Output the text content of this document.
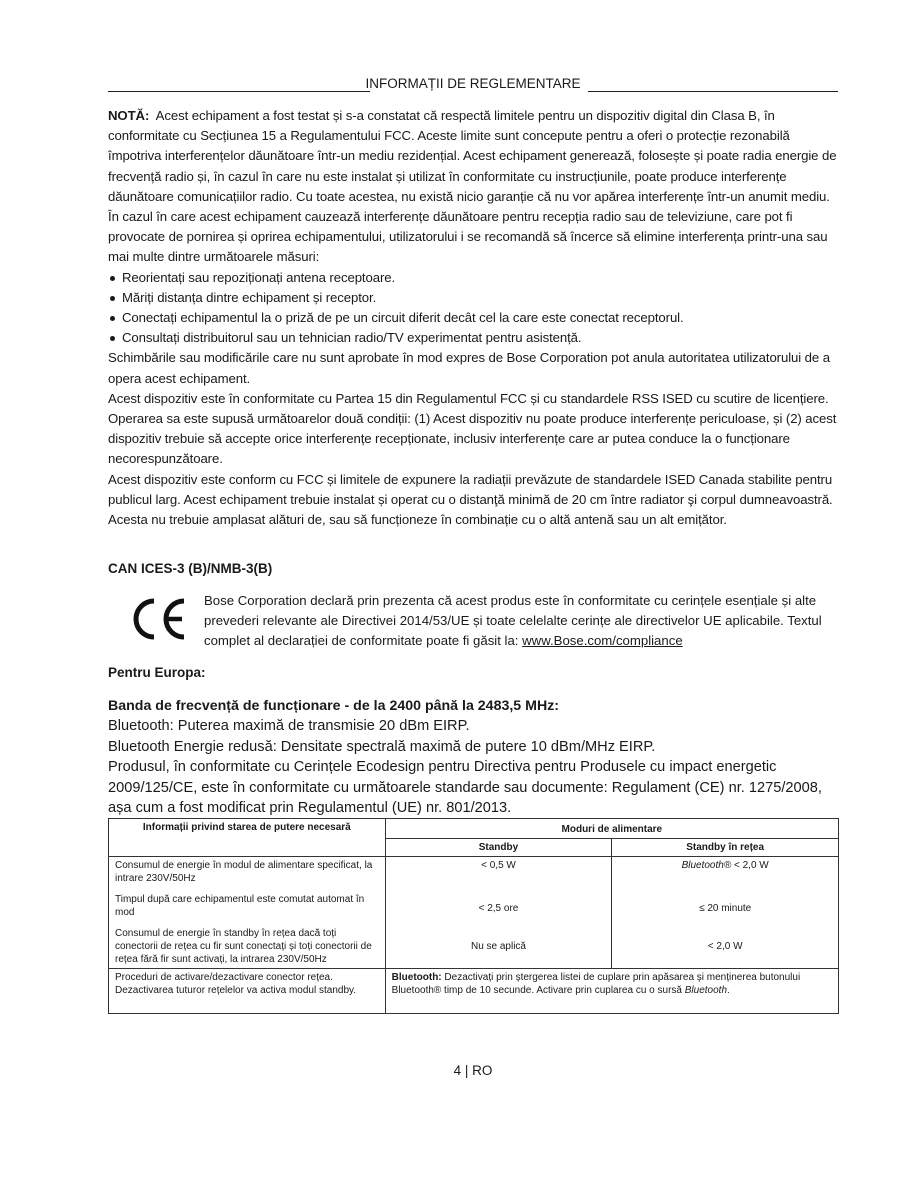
INFORMAȚII DE REGLEMENTARE

NOTĂ: Acest echipament a fost testat și s-a constatat că respectă limitele pentru un dispozitiv digital din Clasa B, în conformitate cu Secțiunea 15 a Regulamentului FCC. Aceste limite sunt concepute pentru a oferi o protecție rezonabilă împotriva interferențelor dăunătoare într-un mediu rezidențial. Acest echipament generează, folosește și poate radia energie de frecvență radio și, în cazul în care nu este instalat și utilizat în conformitate cu instrucțiunile, poate produce interferențe dăunătoare comunicațiilor radio. Cu toate acestea, nu există nicio garanție că nu vor apărea interferențe într-un anumit mediu. În cazul în care acest echipament cauzează interferențe dăunătoare pentru recepția radio sau de televiziune, care pot fi provocate de pornirea și oprirea echipamentului, utilizatorului i se recomandă să încerce să elimine interferența printr-una sau mai multe dintre următoarele măsuri:

Reorientați sau repoziționați antena receptoare.
Măriți distanța dintre echipament și receptor.
Conectați echipamentul la o priză de pe un circuit diferit decât cel la care este conectat receptorul.
Consultați distribuitorul sau un tehnician radio/TV experimentat pentru asistență.

Schimbările sau modificările care nu sunt aprobate în mod expres de Bose Corporation pot anula autoritatea utilizatorului de a opera acest echipament.

Acest dispozitiv este în conformitate cu Partea 15 din Regulamentul FCC și cu standardele RSS ISED cu scutire de licențiere. Operarea sa este supusă următoarelor două condiții: (1) Acest dispozitiv nu poate produce interferențe periculoase, și (2) acest dispozitiv trebuie să accepte orice interferențe recepționate, inclusiv interferențe care ar putea conduce la o funcționare necorespunzătoare.

Acest dispozitiv este conform cu FCC și limitele de expunere la radiații prevăzute de standardele ISED Canada stabilite pentru publicul larg. Acest echipament trebuie instalat și operat cu o distanţă minimă de 20 cm între radiator şi corpul dumneavoastră. Acesta nu trebuie amplasat alături de, sau să funcționeze în combinație cu o altă antenă sau un alt emițător.

CAN ICES-3 (B)/NMB-3(B)
Bose Corporation declară prin prezenta că acest produs este în conformitate cu cerințele esențiale și alte prevederi relevante ale Directivei 2014/53/UE și toate celelalte cerințe ale directivelor UE aplicabile. Textul complet al declarației de conformitate poate fi găsit la: www.Bose.com/compliance
Pentru Europa:

Banda de frecvență de funcționare - de la 2400 până la 2483,5 MHz:

Bluetooth: Puterea maximă de transmisie 20 dBm EIRP.

Bluetooth Energie redusă: Densitate spectrală maximă de putere 10 dBm/MHz EIRP.

Produsul, în conformitate cu Cerințele Ecodesign pentru Directiva pentru Produsele cu impact energetic 2009/125/CE, este în conformitate cu următoarele standarde sau documente: Regulament (CE) nr. 1275/2008, așa cum a fost modificat prin Regulamentul (UE) nr. 801/2013.

Informații privind starea de putere necesară	Moduri de alimentare	
	Standby	Standby în rețea
Consumul de energie în modul de alimentare specificat, la intrare 230V/50Hz	< 0,5 W	Bluetooth® < 2,0 W
Timpul după care echipamentul este comutat automat în mod	< 2,5 ore	≤ 20 minute
Consumul de energie în standby în rețea dacă toți conectorii de rețea cu fir sunt conectați și toți conectorii de rețea fără fir sunt activați, la intrarea 230V/50Hz	Nu se aplică	< 2,0 W
Proceduri de activare/dezactivare conector rețea. Dezactivarea tuturor rețelelor va activa modul standby.	Bluetooth: Dezactivați prin ștergerea listei de cuplare prin apăsarea și menținerea butonului Bluetooth® timp de 10 secunde. Activare prin cuplarea cu o sursă Bluetooth.	
4 | RO
